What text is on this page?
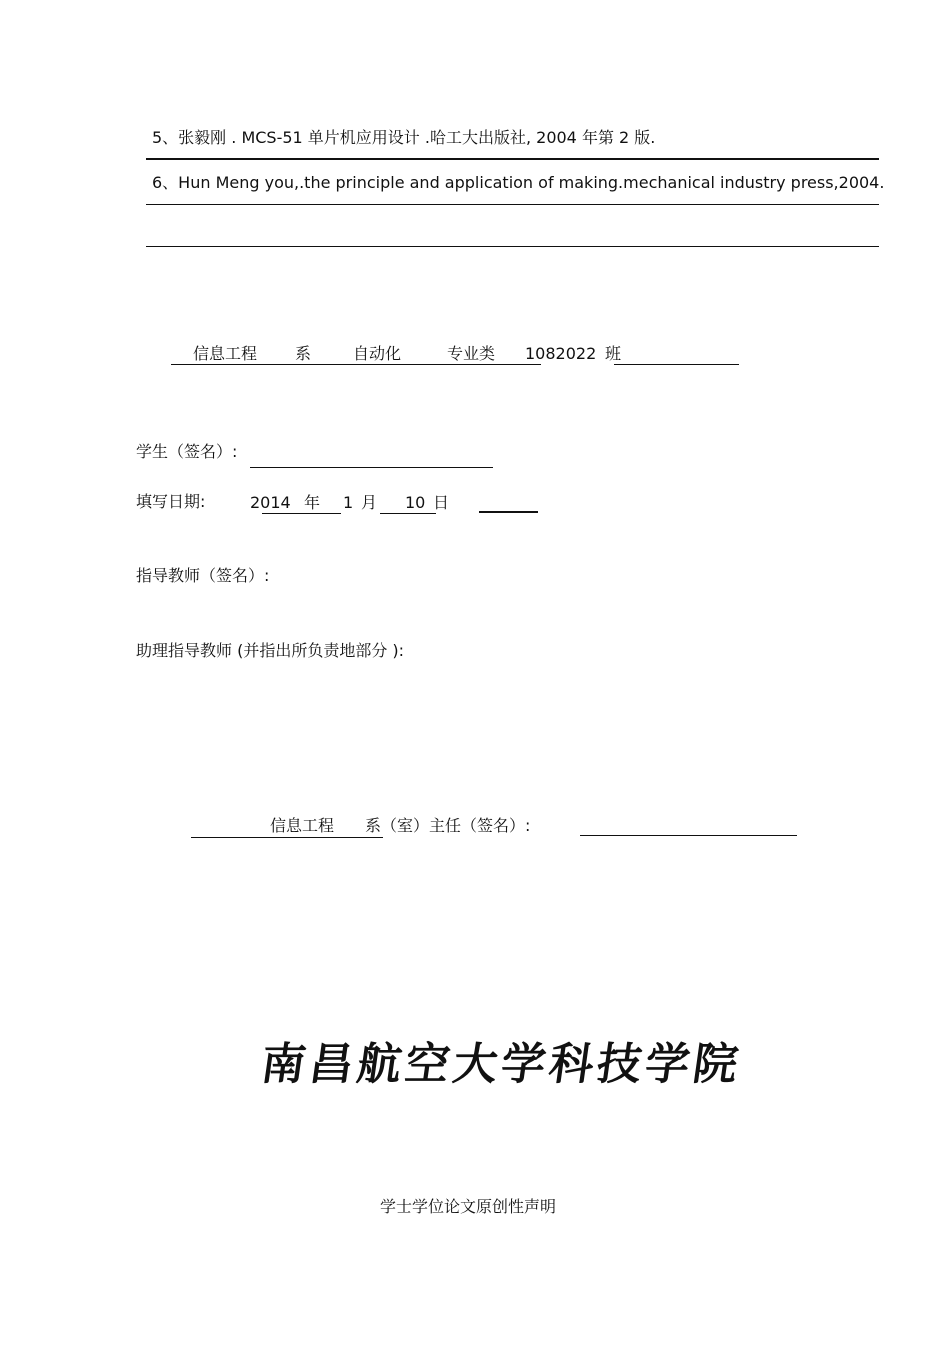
5、张毅刚 . MCS-51 单片机应用设计 .哈工大出版社, 2004 年第 2 版.
6、Hun Meng you,.the principle and application of making.mechanical industry press,2004.
信息工程 系	自动化	专业类 1082022 班
学生（签名）:
填写日期:	2014 年 1 月 10 日
指导教师（签名）:
助理指导教师 (并指出所负责地部分 ):
信息工程 系（室）主任（签名）:
南昌航空大学科技学院
学士学位论文原创性声明
